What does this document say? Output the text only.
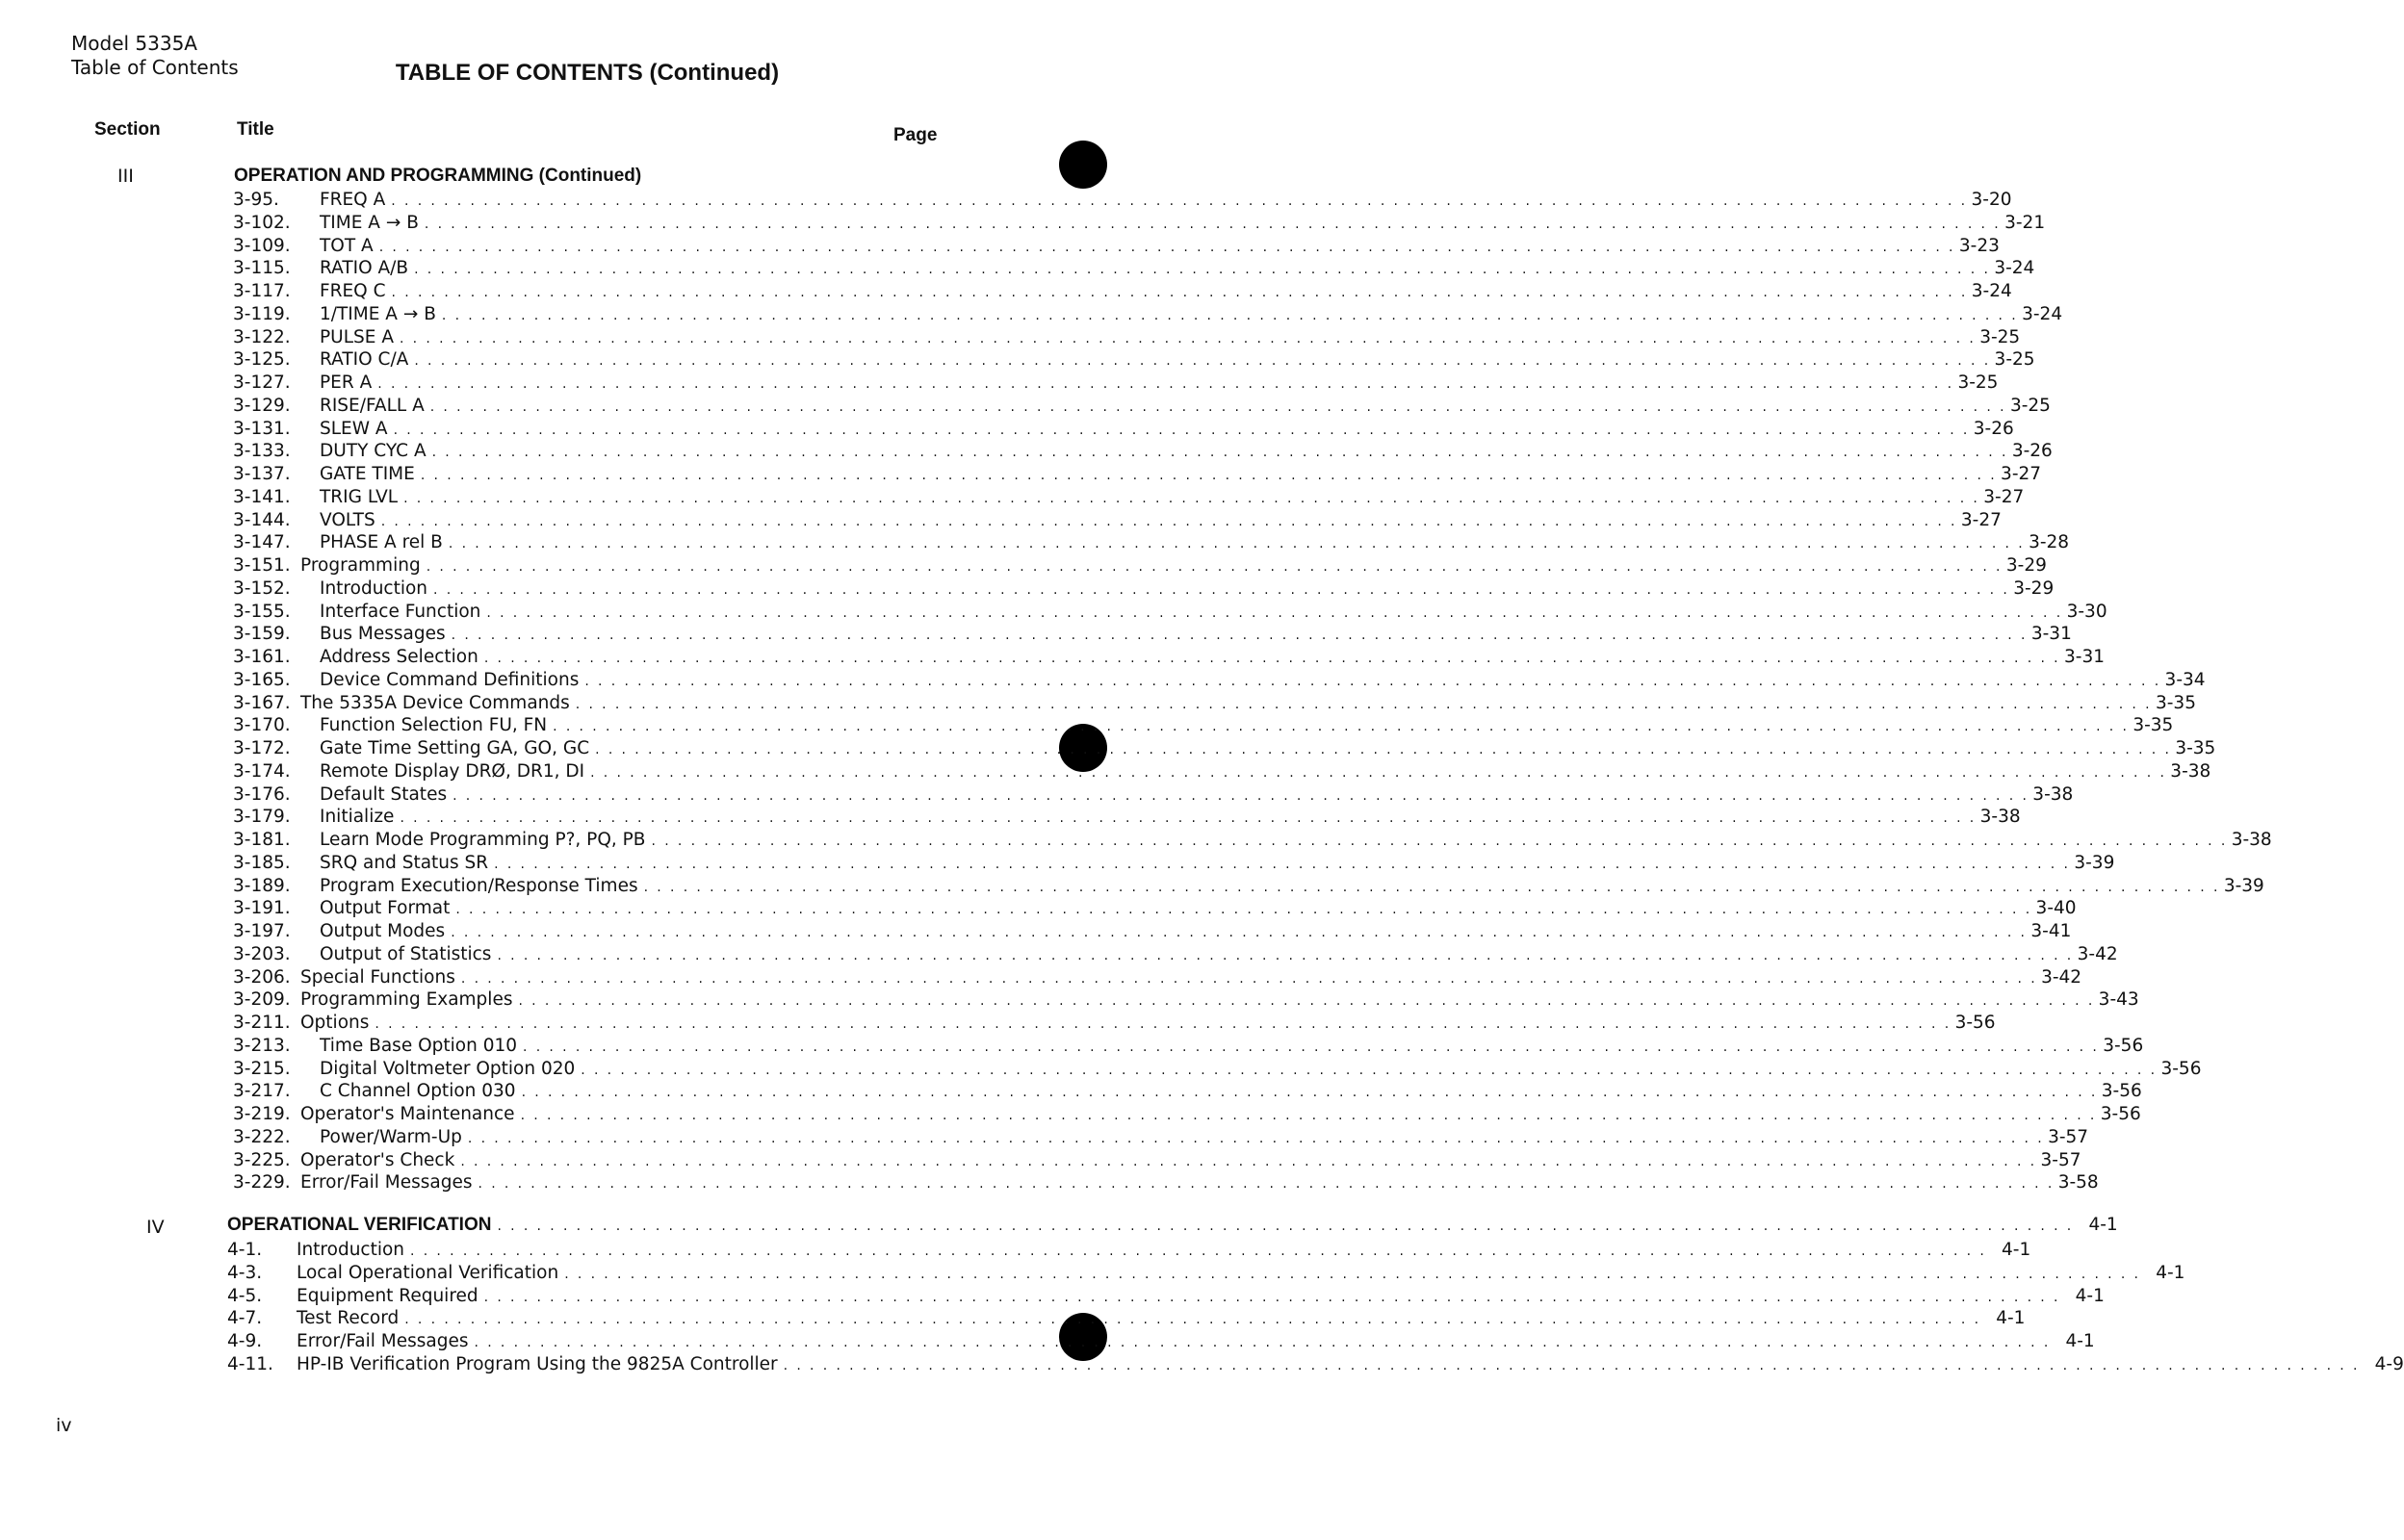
Model 5335A
Table of Contents	TABLE OF CONTENTS (Continued)
Section	Title	Page
III	OPERATION AND PROGRAMMING (Continued)
3-95.	FREQ A . . . . . . . . . . . . . . . . . . . . . . . . . . . . . . . . . . . . . . . . . . . . . . . . . . . . . . . . . . . . . . . . . . . . . . . . . . . . . . . . . . . . . . . . . . . . . . . . . . . . . . . . . . . . . . . . . . . . . . . . 3-20
3-102.	TIME A → B . . . . . . . . . . . . . . . . . . . . . . . . . . . . . . . . . . . . . . . . . . . . . . . . . . . . . . . . . . . . . . . . . . . . . . . . . . . . . . . . . . . . . . . . . . . . . . . . . . . . . . . . . . . . . . . . . . . . . . . . 3-21
3-109.	TOT A . . . . . . . . . . . . . . . . . . . . . . . . . . . . . . . . . . . . . . . . . . . . . . . . . . . . . . . . . . . . . . . . . . . . . . . . . . . . . . . . . . . . . . . . . . . . . . . . . . . . . . . . . . . . . . . . . . . . . . . . 3-23
3-115.	RATIO A/B . . . . . . . . . . . . . . . . . . . . . . . . . . . . . . . . . . . . . . . . . . . . . . . . . . . . . . . . . . . . . . . . . . . . . . . . . . . . . . . . . . . . . . . . . . . . . . . . . . . . . . . . . . . . . . . . . . . . . . . . 3-24
3-117.	FREQ C . . . . . . . . . . . . . . . . . . . . . . . . . . . . . . . . . . . . . . . . . . . . . . . . . . . . . . . . . . . . . . . . . . . . . . . . . . . . . . . . . . . . . . . . . . . . . . . . . . . . . . . . . . . . . . . . . . . . . . . . 3-24
3-119.	1/TIME A → B . . . . . . . . . . . . . . . . . . . . . . . . . . . . . . . . . . . . . . . . . . . . . . . . . . . . . . . . . . . . . . . . . . . . . . . . . . . . . . . . . . . . . . . . . . . . . . . . . . . . . . . . . . . . . . . . . . . . . . . . 3-24
3-122.	PULSE A . . . . . . . . . . . . . . . . . . . . . . . . . . . . . . . . . . . . . . . . . . . . . . . . . . . . . . . . . . . . . . . . . . . . . . . . . . . . . . . . . . . . . . . . . . . . . . . . . . . . . . . . . . . . . . . . . . . . . . . . 3-25
3-125.	RATIO C/A . . . . . . . . . . . . . . . . . . . . . . . . . . . . . . . . . . . . . . . . . . . . . . . . . . . . . . . . . . . . . . . . . . . . . . . . . . . . . . . . . . . . . . . . . . . . . . . . . . . . . . . . . . . . . . . . . . . . . . . . 3-25
3-127.	PER A . . . . . . . . . . . . . . . . . . . . . . . . . . . . . . . . . . . . . . . . . . . . . . . . . . . . . . . . . . . . . . . . . . . . . . . . . . . . . . . . . . . . . . . . . . . . . . . . . . . . . . . . . . . . . . . . . . . . . . . . 3-25
3-129.	RISE/FALL A . . . . . . . . . . . . . . . . . . . . . . . . . . . . . . . . . . . . . . . . . . . . . . . . . . . . . . . . . . . . . . . . . . . . . . . . . . . . . . . . . . . . . . . . . . . . . . . . . . . . . . . . . . . . . . . . . . . . . . . . 3-25
3-131.	SLEW A . . . . . . . . . . . . . . . . . . . . . . . . . . . . . . . . . . . . . . . . . . . . . . . . . . . . . . . . . . . . . . . . . . . . . . . . . . . . . . . . . . . . . . . . . . . . . . . . . . . . . . . . . . . . . . . . . . . . . . . . 3-26
3-133.	DUTY CYC A . . . . . . . . . . . . . . . . . . . . . . . . . . . . . . . . . . . . . . . . . . . . . . . . . . . . . . . . . . . . . . . . . . . . . . . . . . . . . . . . . . . . . . . . . . . . . . . . . . . . . . . . . . . . . . . . . . . . . . . . 3-26
3-137.	GATE TIME . . . . . . . . . . . . . . . . . . . . . . . . . . . . . . . . . . . . . . . . . . . . . . . . . . . . . . . . . . . . . . . . . . . . . . . . . . . . . . . . . . . . . . . . . . . . . . . . . . . . . . . . . . . . . . . . . . . . . . . . 3-27
3-141.	TRIG LVL . . . . . . . . . . . . . . . . . . . . . . . . . . . . . . . . . . . . . . . . . . . . . . . . . . . . . . . . . . . . . . . . . . . . . . . . . . . . . . . . . . . . . . . . . . . . . . . . . . . . . . . . . . . . . . . . . . . . . . . . 3-27
3-144.	VOLTS . . . . . . . . . . . . . . . . . . . . . . . . . . . . . . . . . . . . . . . . . . . . . . . . . . . . . . . . . . . . . . . . . . . . . . . . . . . . . . . . . . . . . . . . . . . . . . . . . . . . . . . . . . . . . . . . . . . . . . . . 3-27
3-147.	PHASE A rel B . . . . . . . . . . . . . . . . . . . . . . . . . . . . . . . . . . . . . . . . . . . . . . . . . . . . . . . . . . . . . . . . . . . . . . . . . . . . . . . . . . . . . . . . . . . . . . . . . . . . . . . . . . . . . . . . . . . . . . . . 3-28
3-151. Programming . . . . . . . . . . . . . . . . . . . . . . . . . . . . . . . . . . . . . . . . . . . . . . . . . . . . . . . . . . . . . . . . . . . . . . . . . . . . . . . . . . . . . . . . . . . . . . . . . . . . . . . . . . . . . . . . . . . . . . . . 3-29
3-152.	Introduction . . . . . . . . . . . . . . . . . . . . . . . . . . . . . . . . . . . . . . . . . . . . . . . . . . . . . . . . . . . . . . . . . . . . . . . . . . . . . . . . . . . . . . . . . . . . . . . . . . . . . . . . . . . . . . . . . . . . . . . . 3-29
3-155.	Interface Function . . . . . . . . . . . . . . . . . . . . . . . . . . . . . . . . . . . . . . . . . . . . . . . . . . . . . . . . . . . . . . . . . . . . . . . . . . . . . . . . . . . . . . . . . . . . . . . . . . . . . . . . . . . . . . . . . . . . . . . . 3-30
3-159.	Bus Messages . . . . . . . . . . . . . . . . . . . . . . . . . . . . . . . . . . . . . . . . . . . . . . . . . . . . . . . . . . . . . . . . . . . . . . . . . . . . . . . . . . . . . . . . . . . . . . . . . . . . . . . . . . . . . . . . . . . . . . . . 3-31
3-161.	Address Selection . . . . . . . . . . . . . . . . . . . . . . . . . . . . . . . . . . . . . . . . . . . . . . . . . . . . . . . . . . . . . . . . . . . . . . . . . . . . . . . . . . . . . . . . . . . . . . . . . . . . . . . . . . . . . . . . . . . . . . . . 3-31
3-165.	Device Command Definitions . . . . . . . . . . . . . . . . . . . . . . . . . . . . . . . . . . . . . . . . . . . . . . . . . . . . . . . . . . . . . . . . . . . . . . . . . . . . . . . . . . . . . . . . . . . . . . . . . . . . . . . . . . . . . . . . . . . . . . . . 3-34
3-167. The 5335A Device Commands . . . . . . . . . . . . . . . . . . . . . . . . . . . . . . . . . . . . . . . . . . . . . . . . . . . . . . . . . . . . . . . . . . . . . . . . . . . . . . . . . . . . . . . . . . . . . . . . . . . . . . . . . . . . . . . . . . . . . . . . 3-35
3-170.	Function Selection FU, FN . . . . . . . . . . . . . . . . . . . . . . . . . . . . . . . . . . . . . . . . . . . . . . . . . . . . . . . . . . . . . . . . . . . . . . . . . . . . . . . . . . . . . . . . . . . . . . . . . . . . . . . . . . . . . . . . . . . . . . . . 3-35
3-172.	Gate Time Setting GA, GO, GC . . . . . . . . . . . . . . . . . . . . . . . . . . . . . . . . . . . . . . . . . . . . . . . . . . . . . . . . . . . . . . . . . . . . . . . . . . . . . . . . . . . . . . . . . . . . . . . . . . . . . . . . . . . . . . . . . . . . . . . . 3-35
3-174.	Remote Display DRØ, DR1, DI . . . . . . . . . . . . . . . . . . . . . . . . . . . . . . . . . . . . . . . . . . . . . . . . . . . . . . . . . . . . . . . . . . . . . . . . . . . . . . . . . . . . . . . . . . . . . . . . . . . . . . . . . . . . . . . . . . . . . . . . 3-38
3-176.	Default States . . . . . . . . . . . . . . . . . . . . . . . . . . . . . . . . . . . . . . . . . . . . . . . . . . . . . . . . . . . . . . . . . . . . . . . . . . . . . . . . . . . . . . . . . . . . . . . . . . . . . . . . . . . . . . . . . . . . . . . . 3-38
3-179.	Initialize . . . . . . . . . . . . . . . . . . . . . . . . . . . . . . . . . . . . . . . . . . . . . . . . . . . . . . . . . . . . . . . . . . . . . . . . . . . . . . . . . . . . . . . . . . . . . . . . . . . . . . . . . . . . . . . . . . . . . . . . 3-38
3-181.	Learn Mode Programming P?, PQ, PB . . . . . . . . . . . . . . . . . . . . . . . . . . . . . . . . . . . . . . . . . . . . . . . . . . . . . . . . . . . . . . . . . . . . . . . . . . . . . . . . . . . . . . . . . . . . . . . . . . . . . . . . . . . . . . . . . . . . . . . . 3-38
3-185.	SRQ and Status SR . . . . . . . . . . . . . . . . . . . . . . . . . . . . . . . . . . . . . . . . . . . . . . . . . . . . . . . . . . . . . . . . . . . . . . . . . . . . . . . . . . . . . . . . . . . . . . . . . . . . . . . . . . . . . . . . . . . . . . . . 3-39
3-189.	Program Execution/Response Times . . . . . . . . . . . . . . . . . . . . . . . . . . . . . . . . . . . . . . . . . . . . . . . . . . . . . . . . . . . . . . . . . . . . . . . . . . . . . . . . . . . . . . . . . . . . . . . . . . . . . . . . . . . . . . . . . . . . . . . . 3-39
3-191.	Output Format . . . . . . . . . . . . . . . . . . . . . . . . . . . . . . . . . . . . . . . . . . . . . . . . . . . . . . . . . . . . . . . . . . . . . . . . . . . . . . . . . . . . . . . . . . . . . . . . . . . . . . . . . . . . . . . . . . . . . . . . 3-40
3-197.	Output Modes . . . . . . . . . . . . . . . . . . . . . . . . . . . . . . . . . . . . . . . . . . . . . . . . . . . . . . . . . . . . . . . . . . . . . . . . . . . . . . . . . . . . . . . . . . . . . . . . . . . . . . . . . . . . . . . . . . . . . . . . 3-41
3-203.	Output of Statistics . . . . . . . . . . . . . . . . . . . . . . . . . . . . . . . . . . . . . . . . . . . . . . . . . . . . . . . . . . . . . . . . . . . . . . . . . . . . . . . . . . . . . . . . . . . . . . . . . . . . . . . . . . . . . . . . . . . . . . . . 3-42
3-206. Special Functions . . . . . . . . . . . . . . . . . . . . . . . . . . . . . . . . . . . . . . . . . . . . . . . . . . . . . . . . . . . . . . . . . . . . . . . . . . . . . . . . . . . . . . . . . . . . . . . . . . . . . . . . . . . . . . . . . . . . . . . . 3-42
3-209. Programming Examples . . . . . . . . . . . . . . . . . . . . . . . . . . . . . . . . . . . . . . . . . . . . . . . . . . . . . . . . . . . . . . . . . . . . . . . . . . . . . . . . . . . . . . . . . . . . . . . . . . . . . . . . . . . . . . . . . . . . . . . . 3-43
3-211. Options . . . . . . . . . . . . . . . . . . . . . . . . . . . . . . . . . . . . . . . . . . . . . . . . . . . . . . . . . . . . . . . . . . . . . . . . . . . . . . . . . . . . . . . . . . . . . . . . . . . . . . . . . . . . . . . . . . . . . . . . 3-56
3-213.	Time Base Option 010 . . . . . . . . . . . . . . . . . . . . . . . . . . . . . . . . . . . . . . . . . . . . . . . . . . . . . . . . . . . . . . . . . . . . . . . . . . . . . . . . . . . . . . . . . . . . . . . . . . . . . . . . . . . . . . . . . . . . . . . . 3-56
3-215.	Digital Voltmeter Option 020 . . . . . . . . . . . . . . . . . . . . . . . . . . . . . . . . . . . . . . . . . . . . . . . . . . . . . . . . . . . . . . . . . . . . . . . . . . . . . . . . . . . . . . . . . . . . . . . . . . . . . . . . . . . . . . . . . . . . . . . . 3-56
3-217.	C Channel Option 030 . . . . . . . . . . . . . . . . . . . . . . . . . . . . . . . . . . . . . . . . . . . . . . . . . . . . . . . . . . . . . . . . . . . . . . . . . . . . . . . . . . . . . . . . . . . . . . . . . . . . . . . . . . . . . . . . . . . . . . . . 3-56
3-219. Operator's Maintenance . . . . . . . . . . . . . . . . . . . . . . . . . . . . . . . . . . . . . . . . . . . . . . . . . . . . . . . . . . . . . . . . . . . . . . . . . . . . . . . . . . . . . . . . . . . . . . . . . . . . . . . . . . . . . . . . . . . . . . . . 3-56
3-222.	Power/Warm-Up . . . . . . . . . . . . . . . . . . . . . . . . . . . . . . . . . . . . . . . . . . . . . . . . . . . . . . . . . . . . . . . . . . . . . . . . . . . . . . . . . . . . . . . . . . . . . . . . . . . . . . . . . . . . . . . . . . . . . . . . 3-57
3-225. Operator's Check . . . . . . . . . . . . . . . . . . . . . . . . . . . . . . . . . . . . . . . . . . . . . . . . . . . . . . . . . . . . . . . . . . . . . . . . . . . . . . . . . . . . . . . . . . . . . . . . . . . . . . . . . . . . . . . . . . . . . . . . 3-57
3-229. Error/Fail Messages . . . . . . . . . . . . . . . . . . . . . . . . . . . . . . . . . . . . . . . . . . . . . . . . . . . . . . . . . . . . . . . . . . . . . . . . . . . . . . . . . . . . . . . . . . . . . . . . . . . . . . . . . . . . . . . . . . . . . . . . 3-58
IV	OPERATIONAL VERIFICATION . . . . . . . . . . . . . . . . . . . . . . . . . . . . . . . . . . . . . . . . . . . . . . . . . . . . . . . . . . . . . . . . . . . . . . . . . . . . . . . . . . . . . . . . . . . . . . . . . . . . . . . . . . . . . . . . . . . . . . . . 4-1
4-1.	Introduction . . . . . . . . . . . . . . . . . . . . . . . . . . . . . . . . . . . . . . . . . . . . . . . . . . . . . . . . . . . . . . . . . . . . . . . . . . . . . . . . . . . . . . . . . . . . . . . . . . . . . . . . . . . . . . . . . . . . . . . . 4-1
4-3.	Local Operational Verification . . . . . . . . . . . . . . . . . . . . . . . . . . . . . . . . . . . . . . . . . . . . . . . . . . . . . . . . . . . . . . . . . . . . . . . . . . . . . . . . . . . . . . . . . . . . . . . . . . . . . . . . . . . . . . . . . . . . . . . . 4-1
4-5.	Equipment Required . . . . . . . . . . . . . . . . . . . . . . . . . . . . . . . . . . . . . . . . . . . . . . . . . . . . . . . . . . . . . . . . . . . . . . . . . . . . . . . . . . . . . . . . . . . . . . . . . . . . . . . . . . . . . . . . . . . . . . . . 4-1
4-7.	Test Record . . . . . . . . . . . . . . . . . . . . . . . . . . . . . . . . . . . . . . . . . . . . . . . . . . . . . . . . . . . . . . . . . . . . . . . . . . . . . . . . . . . . . . . . . . . . . . . . . . . . . . . . . . . . . . . . . . . . . . . . 4-1
4-9.	Error/Fail Messages . . . . . . . . . . . . . . . . . . . . . . . . . . . . . . . . . . . . . . . . . . . . . . . . . . . . . . . . . . . . . . . . . . . . . . . . . . . . . . . . . . . . . . . . . . . . . . . . . . . . . . . . . . . . . . . . . . . . . . . . 4-1
4-11.	HP-IB Verification Program Using the 9825A Controller . . . . . . . . . . . . . . . . . . . . . . . . . . . . . . . . . . . . . . . . . . . . . . . . . . . . . . . . . . . . . . . . . . . . . . . . . . . . . . . . . . . . . . . . . . . . . . . . . . . . . . . . . . . . . . . . . . . . . . . . 4-9
iv
